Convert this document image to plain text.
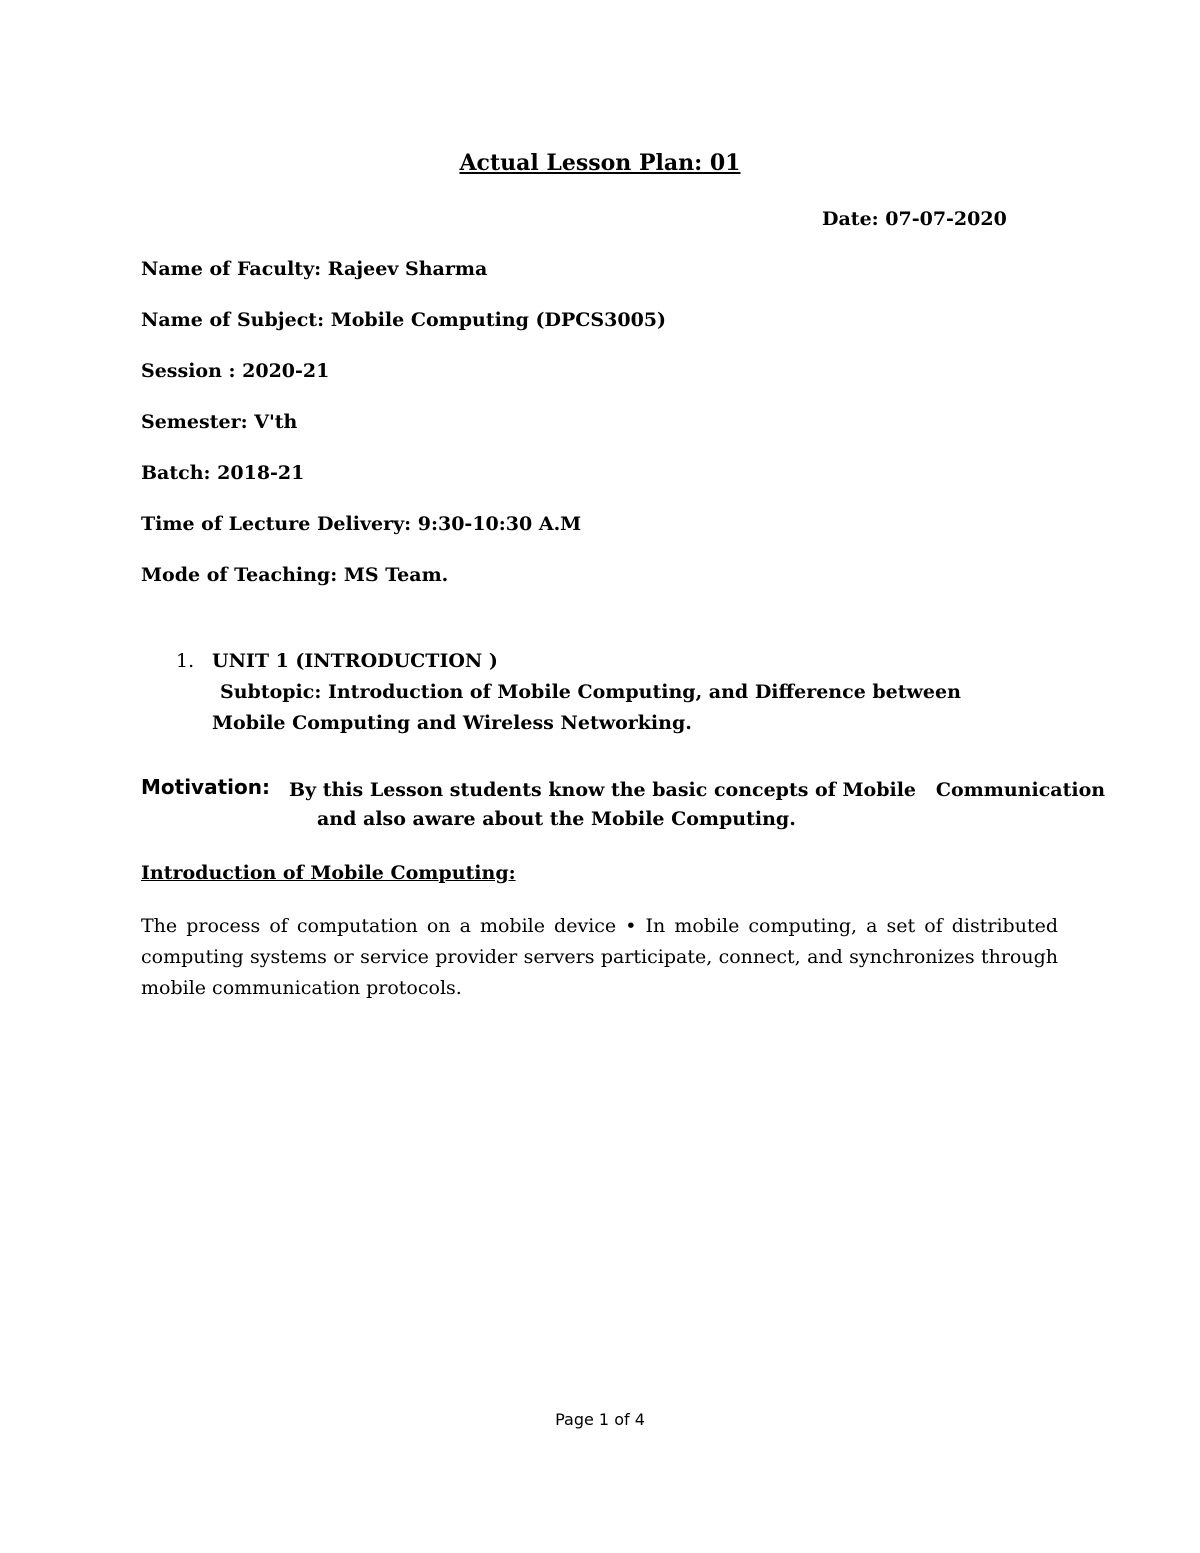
Actual Lesson Plan: 01
Date: 07-07-2020
Name of Faculty: Rajeev Sharma
Name of Subject: Mobile Computing (DPCS3005)
Session : 2020-21
Semester: V'th
Batch: 2018-21
Time of Lecture Delivery: 9:30-10:30 A.M
Mode of Teaching: MS Team.
1. UNIT 1 (INTRODUCTION )
Subtopic: Introduction of Mobile Computing, and Difference between Mobile Computing and Wireless Networking.
Motivation: By this Lesson students know the basic concepts of Mobile   Communication
and also aware about the Mobile Computing.
Introduction of Mobile Computing:
The process of computation on a mobile device • In mobile computing, a set of distributed computing systems or service provider servers participate, connect, and synchronizes through mobile communication protocols.
Page 1 of 4
